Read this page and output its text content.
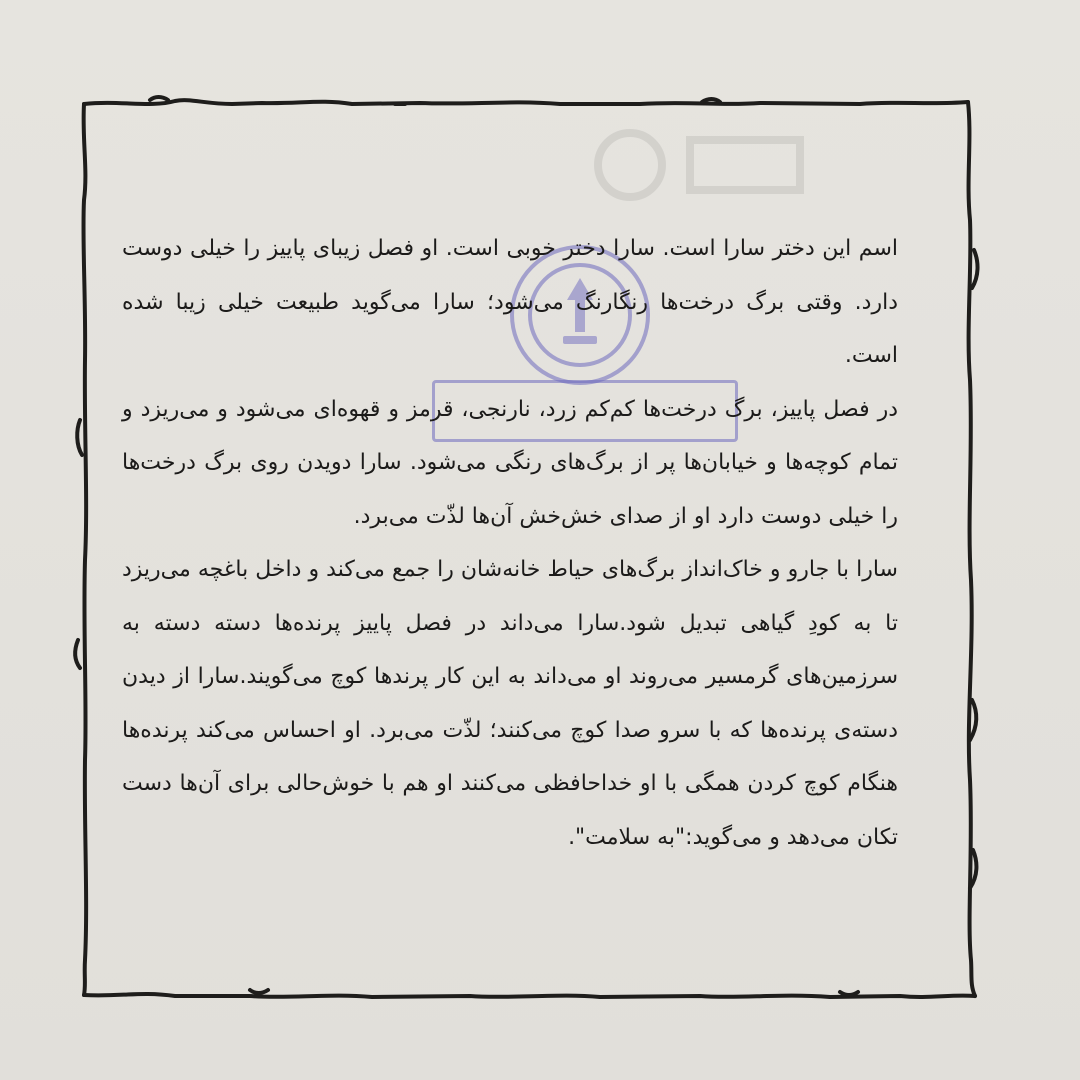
اسم این دختر سارا است. سارا دختر خوبی است. او فصل زیبای پاییز را خیلی دوست دارد. وقتی برگ درخت‌ها رنگارنگ می‌شود؛ سارا می‌گوید طبیعت خیلی زیبا شده است.

در فصل پاییز، برگ درخت‌ها کم‌کم زرد، نارنجی، قرمز و قهوه‌ای می‌شود و می‌ریزد و تمام کوچه‌ها و خیابان‌ها پر از برگ‌های رنگی می‌شود. سارا دویدن روی برگ درخت‌ها را خیلی دوست دارد او از صدای خش‌خش آن‌ها لذّت می‌برد.

سارا با جارو و خاک‌انداز برگ‌های حیاط خانه‌شان را جمع می‌کند و داخل باغچه می‌ریزد تا به کودِ گیاهی تبدیل شود.سارا می‌داند در فصل پاییز پرنده‌ها دسته دسته به سرزمین‌های گرمسیر می‌روند او می‌داند به این کار پرندها کوچ می‌گویند.سارا از دیدن دسته‌ی پرنده‌ها که با سرو صدا کوچ می‌کنند؛ لذّت می‌برد. او احساس می‌کند پرنده‌ها هنگام کوچ کردن همگی با او خداحافظی می‌کنند او هم با خوش‌حالی برای آن‌ها دست تکان می‌دهد و می‌گوید:"به سلامت".
